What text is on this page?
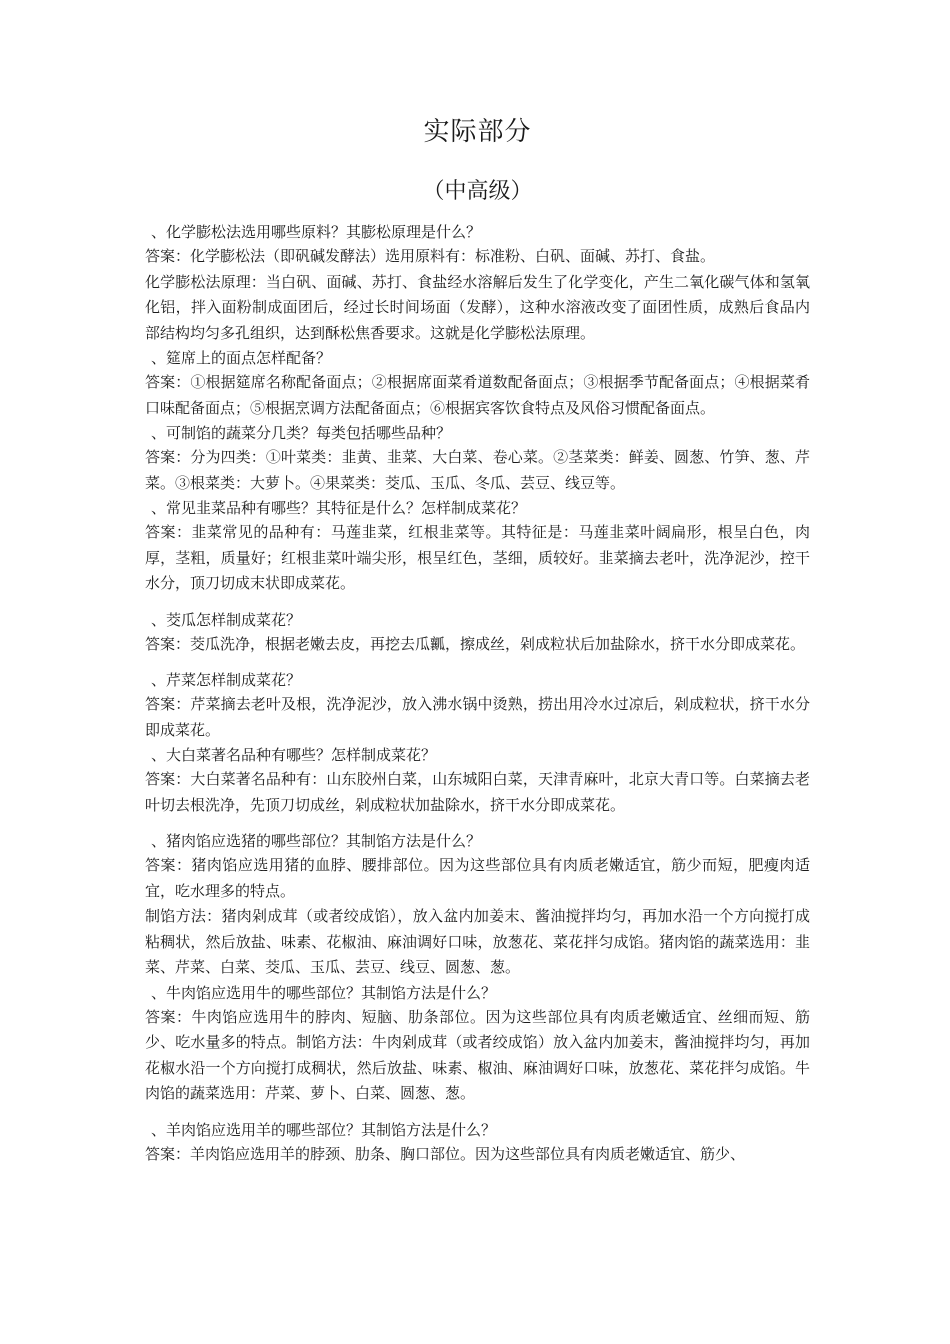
实际部分
（中高级）

、化学膨松法选用哪些原料？其膨松原理是什么？

答案：化学膨松法（即矾碱发酵法）选用原料有：标准粉、白矾、面碱、苏打、食盐。

化学膨松法原理：当白矾、面碱、苏打、食盐经水溶解后发生了化学变化，产生二氧化碳气体和氢氧化铝，拌入面粉制成面团后，经过长时间场面（发酵），这种水溶液改变了面团性质，成熟后食品内部结构均匀多孔组织，达到酥松焦香要求。这就是化学膨松法原理。

、筵席上的面点怎样配备？

答案：①根据筵席名称配备面点；②根据席面菜肴道数配备面点；③根据季节配备面点；④根据菜肴口味配备面点；⑤根据烹调方法配备面点；⑥根据宾客饮食特点及风俗习惯配备面点。

、可制馅的蔬菜分几类？每类包括哪些品种？

答案：分为四类：①叶菜类：韭黄、韭菜、大白菜、卷心菜。②茎菜类：鲜姜、圆葱、竹笋、葱、芹菜。③根菜类：大萝卜。④果菜类：茭瓜、玉瓜、冬瓜、芸豆、线豆等。

、常见韭菜品种有哪些？其特征是什么？怎样制成菜花？

答案：韭菜常见的品种有：马莲韭菜，红根韭菜等。其特征是：马莲韭菜叶阔扁形，根呈白色，肉厚，茎粗，质量好；红根韭菜叶端尖形，根呈红色，茎细，质较好。韭菜摘去老叶，洗净泥沙，控干水分，顶刀切成末状即成菜花。

、茭瓜怎样制成菜花？

答案：茭瓜洗净，根据老嫩去皮，再挖去瓜瓤，擦成丝，剁成粒状后加盐除水，挤干水分即成菜花。

、芹菜怎样制成菜花？

答案：芹菜摘去老叶及根，洗净泥沙，放入沸水锅中烫熟，捞出用冷水过凉后，剁成粒状，挤干水分即成菜花。

、大白菜著名品种有哪些？怎样制成菜花？

答案：大白菜著名品种有：山东胶州白菜，山东城阳白菜，天津青麻叶，北京大青口等。白菜摘去老叶切去根洗净，先顶刀切成丝，剁成粒状加盐除水，挤干水分即成菜花。

、猪肉馅应选猪的哪些部位？其制馅方法是什么？

答案：猪肉馅应选用猪的血脖、腰排部位。因为这些部位具有肉质老嫩适宜，筋少而短，肥瘦肉适宜，吃水理多的特点。

制馅方法：猪肉剁成茸（或者绞成馅），放入盆内加姜末、酱油搅拌均匀，再加水沿一个方向搅打成粘稠状，然后放盐、味素、花椒油、麻油调好口味，放葱花、菜花拌匀成馅。猪肉馅的蔬菜选用：韭菜、芹菜、白菜、茭瓜、玉瓜、芸豆、线豆、圆葱、葱。

、牛肉馅应选用牛的哪些部位？其制馅方法是什么？

答案：牛肉馅应选用牛的脖肉、短脑、肋条部位。因为这些部位具有肉质老嫩适宜、丝细而短、筋少、吃水量多的特点。制馅方法：牛肉剁成茸（或者绞成馅）放入盆内加姜末，酱油搅拌均匀，再加花椒水沿一个方向搅打成稠状，然后放盐、味素、椒油、麻油调好口味，放葱花、菜花拌匀成馅。牛肉馅的蔬菜选用：芹菜、萝卜、白菜、圆葱、葱。

、羊肉馅应选用羊的哪些部位？其制馅方法是什么？

答案：羊肉馅应选用羊的脖颈、肋条、胸口部位。因为这些部位具有肉质老嫩适宜、筋少、
